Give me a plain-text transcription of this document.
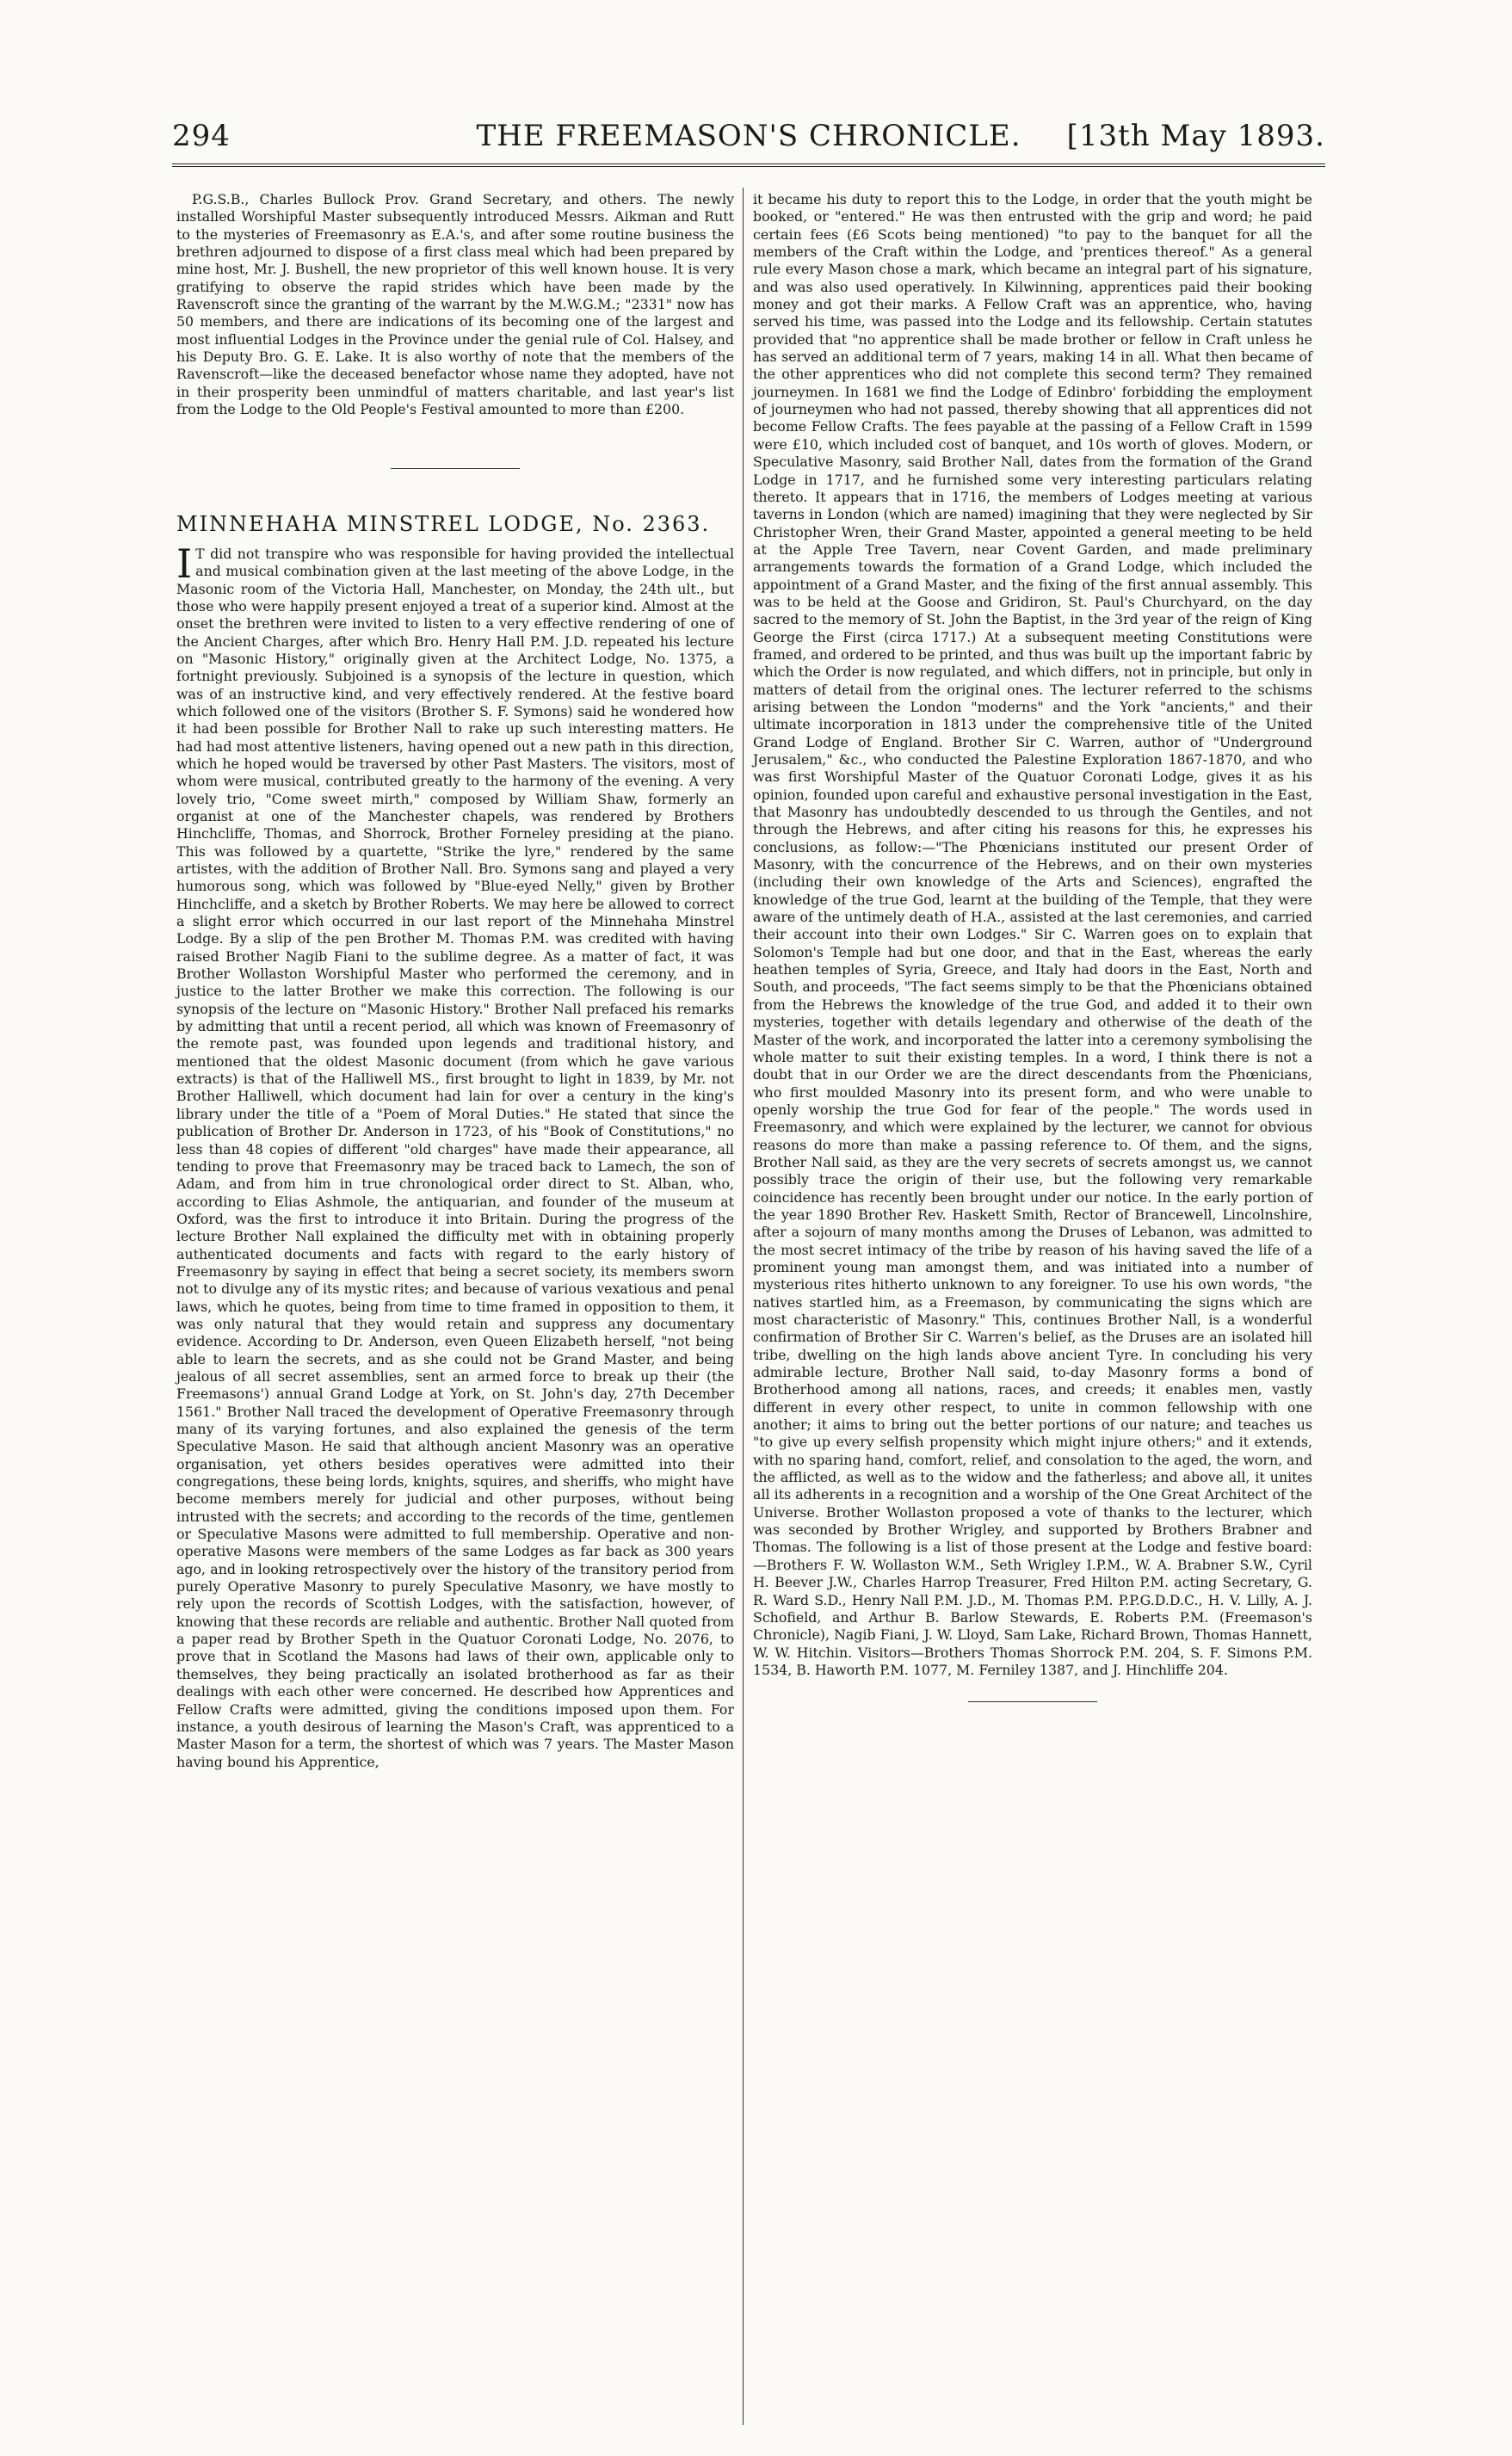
294	THE FREEMASON'S CHRONICLE.	[13th May 1893.

P.G.S.B., Charles Bullock Prov. Grand Secretary, and others. The newly installed Worshipful Master subsequently introduced Messrs. Aikman and Rutt to the mysteries of Freemasonry as E.A.'s, and after some routine business the brethren adjourned to dispose of a first class meal which had been prepared by mine host, Mr. J. Bushell, the new proprietor of this well known house. It is very gratifying to observe the rapid strides which have been made by the Ravenscroft since the granting of the warrant by the M.W.G.M.; "2331" now has 50 members, and there are indications of its becoming one of the largest and most influential Lodges in the Province under the genial rule of Col. Halsey, and his Deputy Bro. G. E. Lake. It is also worthy of note that the members of the Ravenscroft—like the deceased benefactor whose name they adopted, have not in their prosperity been unmindful of matters charitable, and last year's list from the Lodge to the Old People's Festival amounted to more than £200.

MINNEHAHA MINSTREL LODGE, No. 2363.

I T did not transpire who was responsible for having provided the intellectual and musical combination given at the last meeting of the above Lodge, in the Masonic room of the Victoria Hall, Manchester, on Monday, the 24th ult., but those who were happily present enjoyed a treat of a superior kind. Almost at the onset the brethren were invited to listen to a very effective rendering of one of the Ancient Charges, after which Bro. Henry Hall P.M. J.D. repeated his lecture on "Masonic History," originally given at the Architect Lodge, No. 1375, a fortnight previously. Subjoined is a synopsis of the lecture in question, which was of an instructive kind, and very effectively rendered. At the festive board which followed one of the visitors (Brother S. F. Symons) said he wondered how it had been possible for Brother Nall to rake up such interesting matters. He had had most attentive listeners, having opened out a new path in this direction, which he hoped would be traversed by other Past Masters. The visitors, most of whom were musical, contributed greatly to the harmony of the evening. A very lovely trio, "Come sweet mirth," composed by William Shaw, formerly an organist at one of the Manchester chapels, was rendered by Brothers Hinchcliffe, Thomas, and Shorrock, Brother Forneley presiding at the piano. This was followed by a quartette, "Strike the lyre," rendered by the same artistes, with the addition of Brother Nall. Bro. Symons sang and played a very humorous song, which was followed by "Blue-eyed Nelly," given by Brother Hinchcliffe, and a sketch by Brother Roberts. We may here be allowed to correct a slight error which occurred in our last report of the Minnehaha Minstrel Lodge. By a slip of the pen Brother M. Thomas P.M. was credited with having raised Brother Nagib Fiani to the sublime degree. As a matter of fact, it was Brother Wollaston Worshipful Master who performed the ceremony, and in justice to the latter Brother we make this correction. The following is our synopsis of the lecture on "Masonic History." Brother Nall prefaced his remarks by admitting that until a recent period, all which was known of Freemasonry of the remote past, was founded upon legends and traditional history, and mentioned that the oldest Masonic document (from which he gave various extracts) is that of the Halliwell MS., first brought to light in 1839, by Mr. not Brother Halliwell, which document had lain for over a century in the king's library under the title of a "Poem of Moral Duties." He stated that since the publication of Brother Dr. Anderson in 1723, of his "Book of Constitutions," no less than 48 copies of different "old charges" have made their appearance, all tending to prove that Freemasonry may be traced back to Lamech, the son of Adam, and from him in true chronological order direct to St. Alban, who, according to Elias Ashmole, the antiquarian, and founder of the museum at Oxford, was the first to introduce it into Britain. During the progress of the lecture Brother Nall explained the difficulty met with in obtaining properly authenticated documents and facts with regard to the early history of Freemasonry by saying in effect that being a secret society, its members sworn not to divulge any of its mystic rites; and because of various vexatious and penal laws, which he quotes, being from time to time framed in opposition to them, it was only natural that they would retain and suppress any documentary evidence. According to Dr. Anderson, even Queen Elizabeth herself, "not being able to learn the secrets, and as she could not be Grand Master, and being jealous of all secret assemblies, sent an armed force to break up their (the Freemasons') annual Grand Lodge at York, on St. John's day, 27th December 1561." Brother Nall traced the development of Operative Freemasonry through many of its varying fortunes, and also explained the genesis of the term Speculative Mason. He said that although ancient Masonry was an operative organisation, yet others besides operatives were admitted into their congregations, these being lords, knights, squires, and sheriffs, who might have become members merely for judicial and other purposes, without being intrusted with the secrets; and according to the records of the time, gentlemen or Speculative Masons were admitted to full membership. Operative and non-operative Masons were members of the same Lodges as far back as 300 years ago, and in looking retrospectively over the history of the transitory period from purely Operative Masonry to purely Speculative Masonry, we have mostly to rely upon the records of Scottish Lodges, with the satisfaction, however, of knowing that these records are reliable and authentic. Brother Nall quoted from a paper read by Brother Speth in the Quatuor Coronati Lodge, No. 2076, to prove that in Scotland the Masons had laws of their own, applicable only to themselves, they being practically an isolated brotherhood as far as their dealings with each other were concerned. He described how Apprentices and Fellow Crafts were admitted, giving the conditions imposed upon them. For instance, a youth desirous of learning the Mason's Craft, was apprenticed to a Master Mason for a term, the shortest of which was 7 years. The Master Mason having bound his Apprentice,

it became his duty to report this to the Lodge, in order that the youth might be booked, or "entered." He was then entrusted with the grip and word; he paid certain fees (£6 Scots being mentioned) "to pay to the banquet for all the members of the Craft within the Lodge, and 'prentices thereof." As a general rule every Mason chose a mark, which became an integral part of his signature, and was also used operatively. In Kilwinning, apprentices paid their booking money and got their marks. A Fellow Craft was an apprentice, who, having served his time, was passed into the Lodge and its fellowship. Certain statutes provided that "no apprentice shall be made brother or fellow in Craft unless he has served an additional term of 7 years, making 14 in all. What then became of the other apprentices who did not complete this second term? They remained journeymen. In 1681 we find the Lodge of Edinbro' forbidding the employment of journeymen who had not passed, thereby showing that all apprentices did not become Fellow Crafts. The fees payable at the passing of a Fellow Craft in 1599 were £10, which included cost of banquet, and 10s worth of gloves. Modern, or Speculative Masonry, said Brother Nall, dates from the formation of the Grand Lodge in 1717, and he furnished some very interesting particulars relating thereto. It appears that in 1716, the members of Lodges meeting at various taverns in London (which are named) imagining that they were neglected by Sir Christopher Wren, their Grand Master, appointed a general meeting to be held at the Apple Tree Tavern, near Covent Garden, and made preliminary arrangements towards the formation of a Grand Lodge, which included the appointment of a Grand Master, and the fixing of the first annual assembly. This was to be held at the Goose and Gridiron, St. Paul's Churchyard, on the day sacred to the memory of St. John the Baptist, in the 3rd year of the reign of King George the First (circa 1717.) At a subsequent meeting Constitutions were framed, and ordered to be printed, and thus was built up the important fabric by which the Order is now regulated, and which differs, not in principle, but only in matters of detail from the original ones. The lecturer referred to the schisms arising between the London "moderns" and the York "ancients," and their ultimate incorporation in 1813 under the comprehensive title of the United Grand Lodge of England. Brother Sir C. Warren, author of "Underground Jerusalem," &c., who conducted the Palestine Exploration 1867-1870, and who was first Worshipful Master of the Quatuor Coronati Lodge, gives it as his opinion, founded upon careful and exhaustive personal investigation in the East, that Masonry has undoubtedly descended to us through the Gentiles, and not through the Hebrews, and after citing his reasons for this, he expresses his conclusions, as follow:—"The Phœnicians instituted our present Order of Masonry, with the concurrence of the Hebrews, and on their own mysteries (including their own knowledge of the Arts and Sciences), engrafted the knowledge of the true God, learnt at the building of the Temple, that they were aware of the untimely death of H.A., assisted at the last ceremonies, and carried their account into their own Lodges." Sir C. Warren goes on to explain that Solomon's Temple had but one door, and that in the East, whereas the early heathen temples of Syria, Greece, and Italy had doors in the East, North and South, and proceeds, "The fact seems simply to be that the Phœnicians obtained from the Hebrews the knowledge of the true God, and added it to their own mysteries, together with details legendary and otherwise of the death of the Master of the work, and incorporated the latter into a ceremony symbolising the whole matter to suit their existing temples. In a word, I think there is not a doubt that in our Order we are the direct descendants from the Phœnicians, who first moulded Masonry into its present form, and who were unable to openly worship the true God for fear of the people." The words used in Freemasonry, and which were explained by the lecturer, we cannot for obvious reasons do more than make a passing reference to. Of them, and the signs, Brother Nall said, as they are the very secrets of secrets amongst us, we cannot possibly trace the origin of their use, but the following very remarkable coincidence has recently been brought under our notice. In the early portion of the year 1890 Brother Rev. Haskett Smith, Rector of Brancewell, Lincolnshire, after a sojourn of many months among the Druses of Lebanon, was admitted to the most secret intimacy of the tribe by reason of his having saved the life of a prominent young man amongst them, and was initiated into a number of mysterious rites hitherto unknown to any foreigner. To use his own words, "the natives startled him, as a Freemason, by communicating the signs which are most characteristic of Masonry." This, continues Brother Nall, is a wonderful confirmation of Brother Sir C. Warren's belief, as the Druses are an isolated hill tribe, dwelling on the high lands above ancient Tyre. In concluding his very admirable lecture, Brother Nall said, to-day Masonry forms a bond of Brotherhood among all nations, races, and creeds; it enables men, vastly different in every other respect, to unite in common fellowship with one another; it aims to bring out the better portions of our nature; and teaches us "to give up every selfish propensity which might injure others;" and it extends, with no sparing hand, comfort, relief, and consolation to the aged, the worn, and the afflicted, as well as to the widow and the fatherless; and above all, it unites all its adherents in a recognition and a worship of the One Great Architect of the Universe. Brother Wollaston proposed a vote of thanks to the lecturer, which was seconded by Brother Wrigley, and supported by Brothers Brabner and Thomas. The following is a list of those present at the Lodge and festive board:—Brothers F. W. Wollaston W.M., Seth Wrigley I.P.M., W. A. Brabner S.W., Cyril H. Beever J.W., Charles Harrop Treasurer, Fred Hilton P.M. acting Secretary, G. R. Ward S.D., Henry Nall P.M. J.D., M. Thomas P.M. P.P.G.D.D.C., H. V. Lilly, A. J. Schofield, and Arthur B. Barlow Stewards, E. Roberts P.M. (Freemason's Chronicle), Nagib Fiani, J. W. Lloyd, Sam Lake, Richard Brown, Thomas Hannett, W. W. Hitchin. Visitors—Brothers Thomas Shorrock P.M. 204, S. F. Simons P.M. 1534, B. Haworth P.M. 1077, M. Ferniley 1387, and J. Hinchliffe 204.
